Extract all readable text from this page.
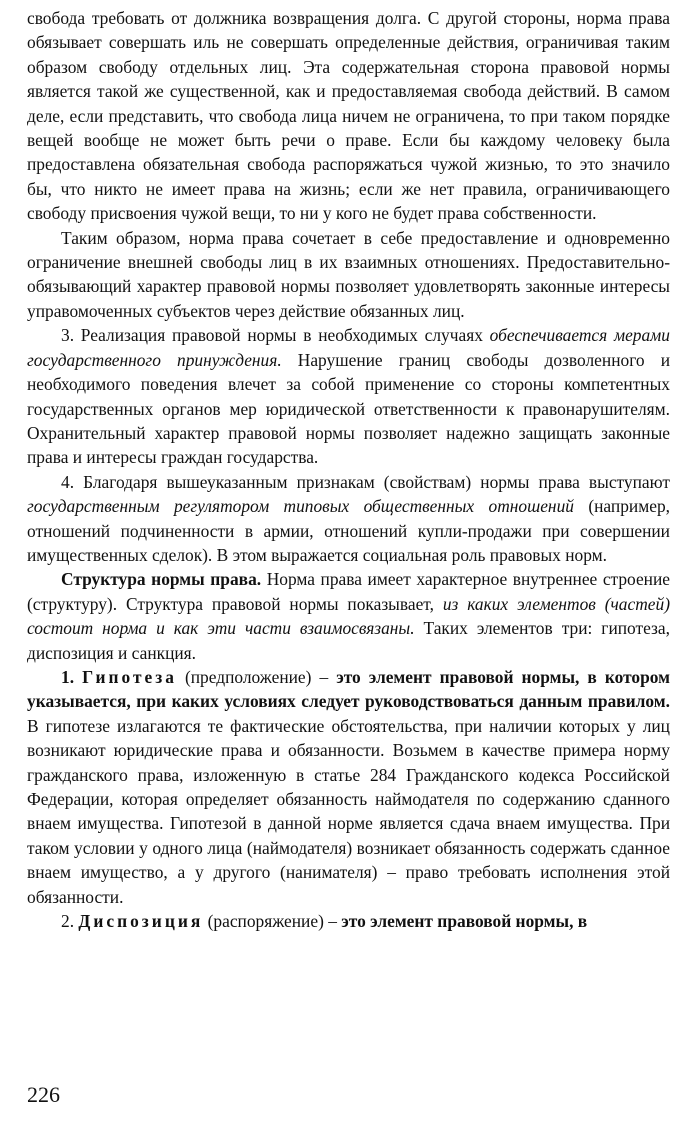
свобода требовать от должника возвращения долга. С другой стороны, норма права обязывает совершать иль не совершать определенные действия, ограничивая таким образом свободу отдельных лиц. Эта содержательная сторона правовой нормы является такой же существенной, как и предоставляемая свобода действий. В самом деле, если представить, что свобода лица ничем не ограничена, то при таком порядке вещей вообще не может быть речи о праве. Если бы каждому человеку была предоставлена обязательная свобода распоряжаться чужой жизнью, то это значило бы, что никто не имеет права на жизнь; если же нет правила, ограничивающего свободу присвоения чужой вещи, то ни у кого не будет права собственности.

Таким образом, норма права сочетает в себе предоставление и одновременно ограничение внешней свободы лиц в их взаимных отношениях. Предоставительно-обязывающий характер правовой нормы позволяет удовлетворять законные интересы управомоченных субъектов через действие обязанных лиц.

3. Реализация правовой нормы в необходимых случаях обеспечивается мерами государственного принуждения. Нарушение границ свободы дозволенного и необходимого поведения влечет за собой применение со стороны компетентных государственных органов мер юридической ответственности к правонарушителям. Охранительный характер правовой нормы позволяет надежно защищать законные права и интересы граждан государства.

4. Благодаря вышеуказанным признакам (свойствам) нормы права выступают государственным регулятором типовых общественных отношений (например, отношений подчиненности в армии, отношений купли-продажи при совершении имущественных сделок). В этом выражается социальная роль правовых норм.

Структура нормы права. Норма права имеет характерное внутреннее строение (структуру). Структура правовой нормы показывает, из каких элементов (частей) состоит норма и как эти части взаимосвязаны. Таких элементов три: гипотеза, диспозиция и санкция.

1. Гипотеза (предположение) – это элемент правовой нормы, в котором указывается, при каких условиях следует руководствоваться данным правилом. В гипотезе излагаются те фактические обстоятельства, при наличии которых у лиц возникают юридические права и обязанности. Возьмем в качестве примера норму гражданского права, изложенную в статье 284 Гражданского кодекса Российской Федерации, которая определяет обязанность наймодателя по содержанию сданного внаем имущества. Гипотезой в данной норме является сдача внаем имущества. При таком условии у одного лица (наймодателя) возникает обязанность содержать сданное внаем имущество, а у другого (нанимателя) – право требовать исполнения этой обязанности.

2. Диспозиция (распоряжение) – это элемент правовой нормы, в

226
